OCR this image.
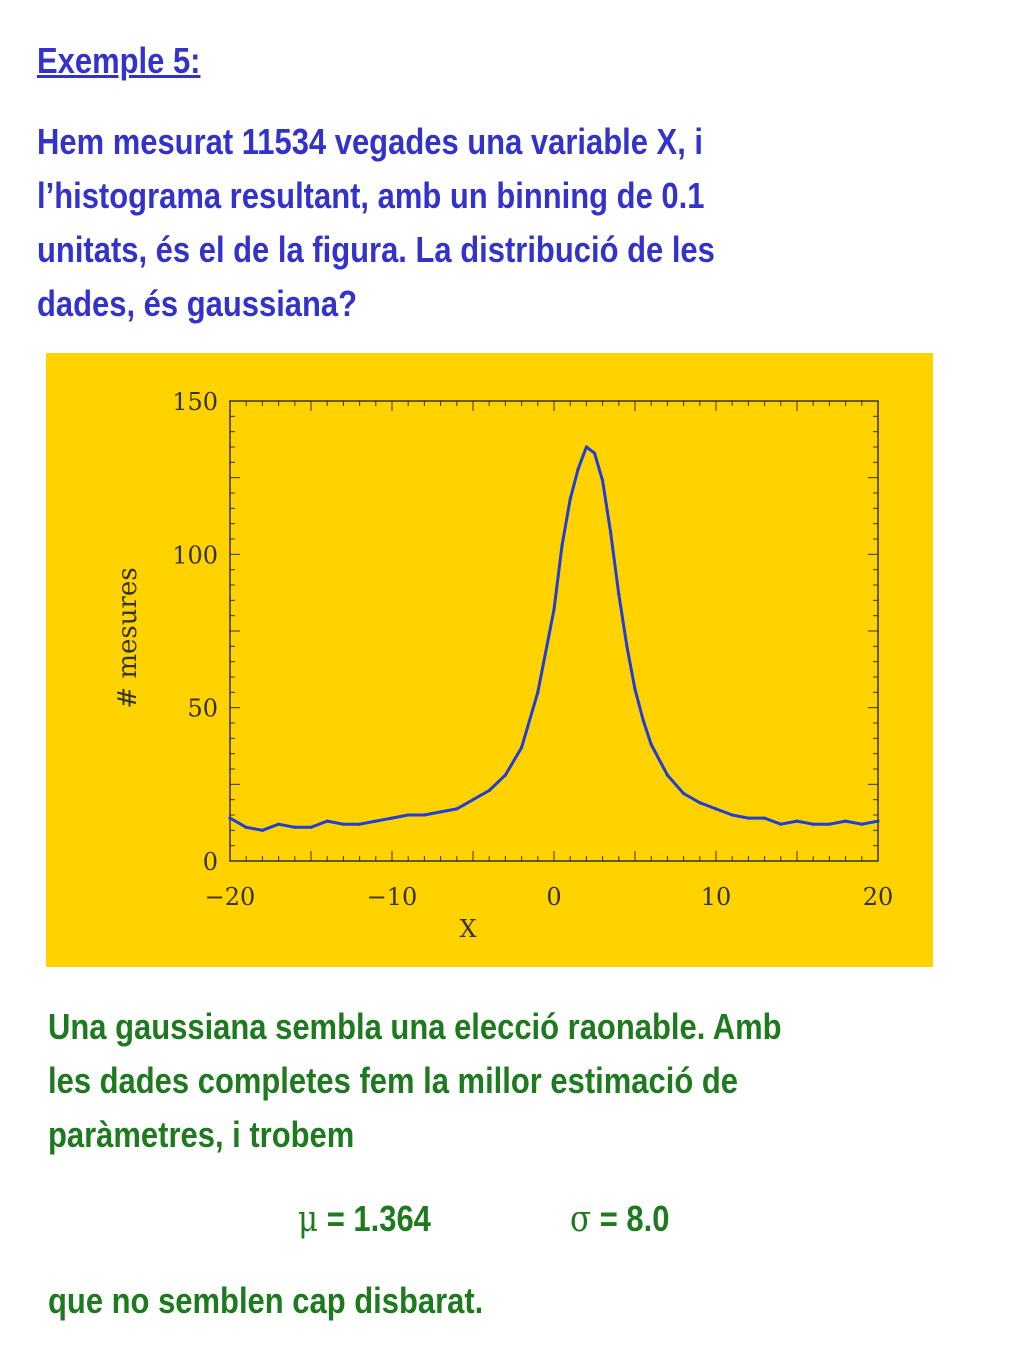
Exemple 5:
Hem mesurat 11534 vegades una variable X, i
l’histograma resultant, amb un binning de 0.1
unitats, és el de la figura. La distribució de les
dades, és gaussiana?
−20	−10	0	10	20
0
50
100
150
X
# mesures
Una gaussiana sembla una elecció raonable. Amb
les dades completes fem la millor estimació de
paràmetres, i trobem
μ = 1.364	σ = 8.0
que no semblen cap disbarat.
